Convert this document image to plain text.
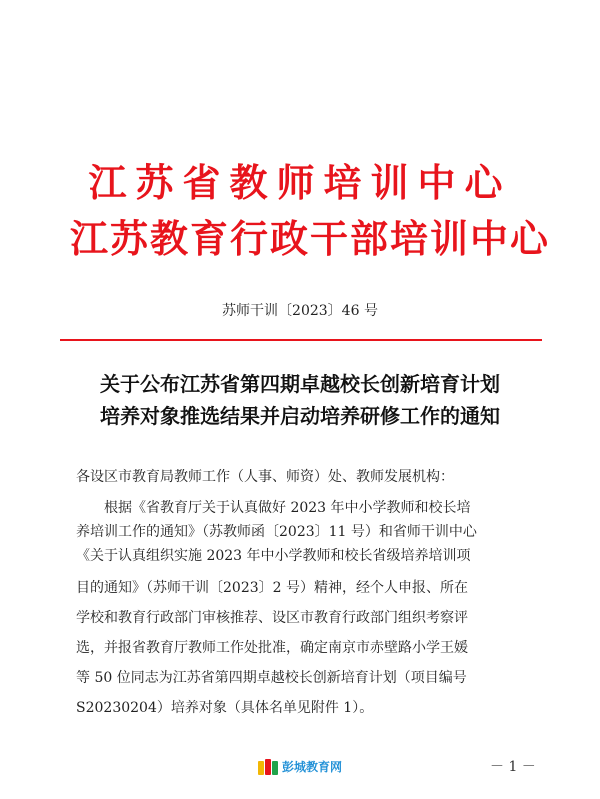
江苏省教师培训中心
江苏教育行政干部培训中心
苏师干训〔2023〕46 号
关于公布江苏省第四期卓越校长创新培育计划
培养对象推选结果并启动培养研修工作的通知
各设区市教育局教师工作（人事、师资）处、教师发展机构：
根据《省教育厅关于认真做好 2023 年中小学教师和校长培
养培训工作的通知》（苏教师函〔2023〕11 号）和省师干训中心
《关于认真组织实施 2023 年中小学教师和校长省级培养培训项
目的通知》（苏师干训〔2023〕2 号）精神，经个人申报、所在
学校和教育行政部门审核推荐、设区市教育行政部门组织考察评
选，并报省教育厅教师工作处批准，确定南京市赤壁路小学王媛
等 50 位同志为江苏省第四期卓越校长创新培育计划（项目编号
S20230204）培养对象（具体名单见附件 1）。
彭城教育网	－ 1 －
